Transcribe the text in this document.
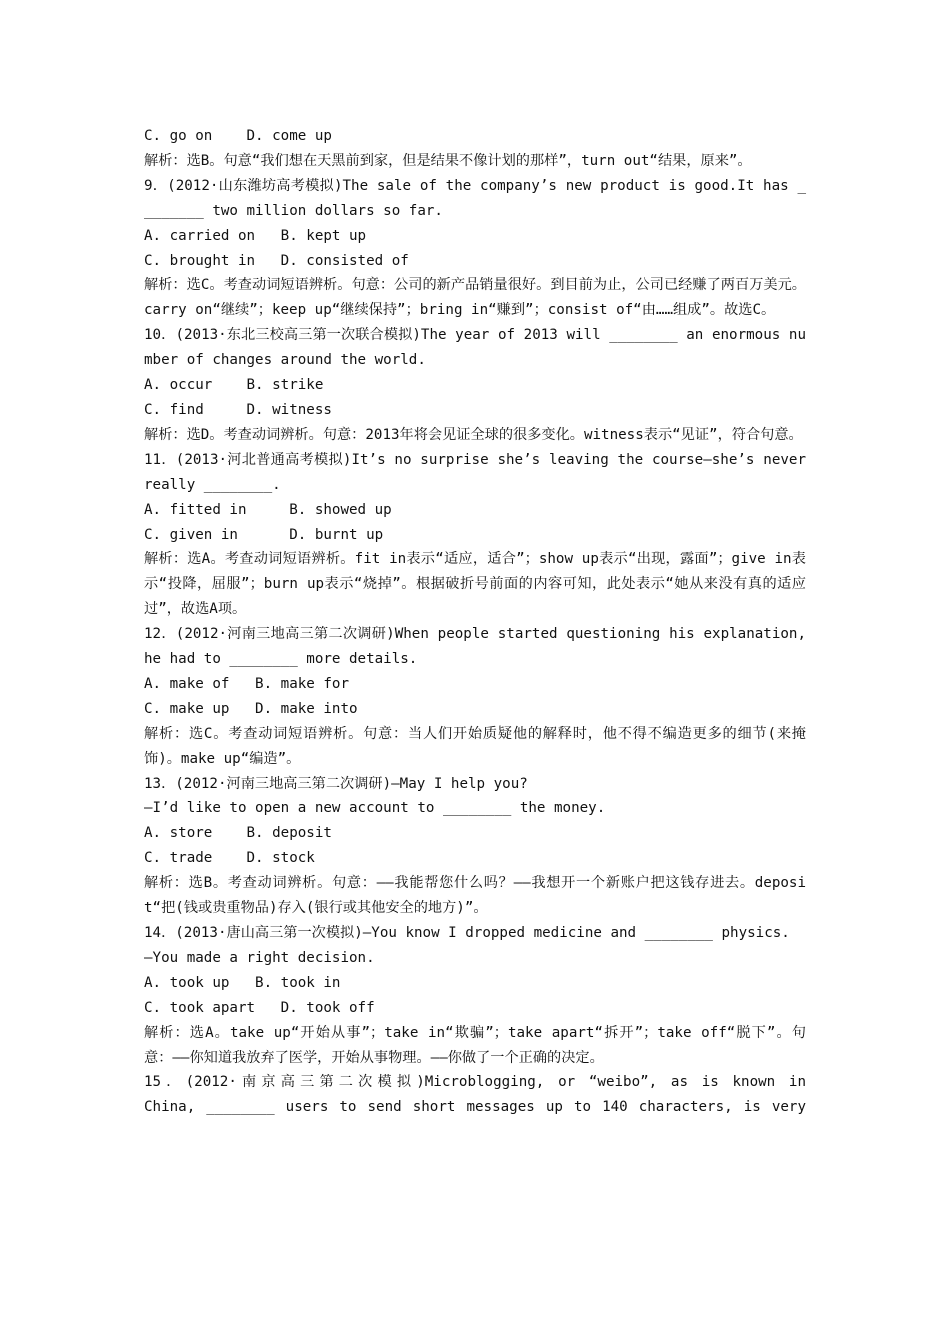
C. go on    D. come up
解析：选B。句意“我们想在天黑前到家，但是结果不像计划的那样”，turn out“结果，原来”。
9．(2012·山东潍坊高考模拟)The sale of the company’s new product is good.It has ________ two million dollars so far.
A. carried on   B. kept up
C. brought in   D. consisted of
解析：选C。考查动词短语辨析。句意：公司的新产品销量很好。到目前为止，公司已经赚了两百万美元。carry on“继续”；keep up“继续保持”；bring in“赚到”；consist of“由……组成”。故选C。
10．(2013·东北三校高三第一次联合模拟)The year of 2013 will ________ an enormous number of changes around the world.
A. occur    B. strike
C. find     D. witness
解析：选D。考查动词辨析。句意：2013年将会见证全球的很多变化。witness表示“见证”，符合句意。
11．(2013·河北普通高考模拟)It’s no surprise she’s leaving the course—she’s never really ________.
A. fitted in     B. showed up
C. given in      D. burnt up
解析：选A。考查动词短语辨析。fit in表示“适应，适合”；show up表示“出现，露面”；give in表示“投降，屈服”；burn up表示“烧掉”。根据破折号前面的内容可知，此处表示“她从来没有真的适应过”，故选A项。
12．(2012·河南三地高三第二次调研)When people started questioning his explanation, he had to ________ more details.
A. make of   B. make for
C. make up   D. make into
解析：选C。考查动词短语辨析。句意：当人们开始质疑他的解释时，他不得不编造更多的细节(来掩饰)。make up“编造”。
13．(2012·河南三地高三第二次调研)—May I help you?
—I’d like to open a new account to ________ the money.
A. store    B. deposit
C. trade    D. stock
解析：选B。考查动词辨析。句意：——我能帮您什么吗？——我想开一个新账户把这钱存进去。deposit“把(钱或贵重物品)存入(银行或其他安全的地方)”。
14．(2013·唐山高三第一次模拟)—You know I dropped medicine and ________ physics.
—You made a right decision.
A. took up   B. took in
C. took apart   D. took off
解析：选A。take up“开始从事”；take in“欺骗”；take apart“拆开”；take off“脱下”。句意：——你知道我放弃了医学，开始从事物理。——你做了一个正确的决定。
15．(2012·南京高三第二次模拟)Microblogging, or “weibo”, as is known in
China, ________ users to send short messages up to 140 characters, is very
